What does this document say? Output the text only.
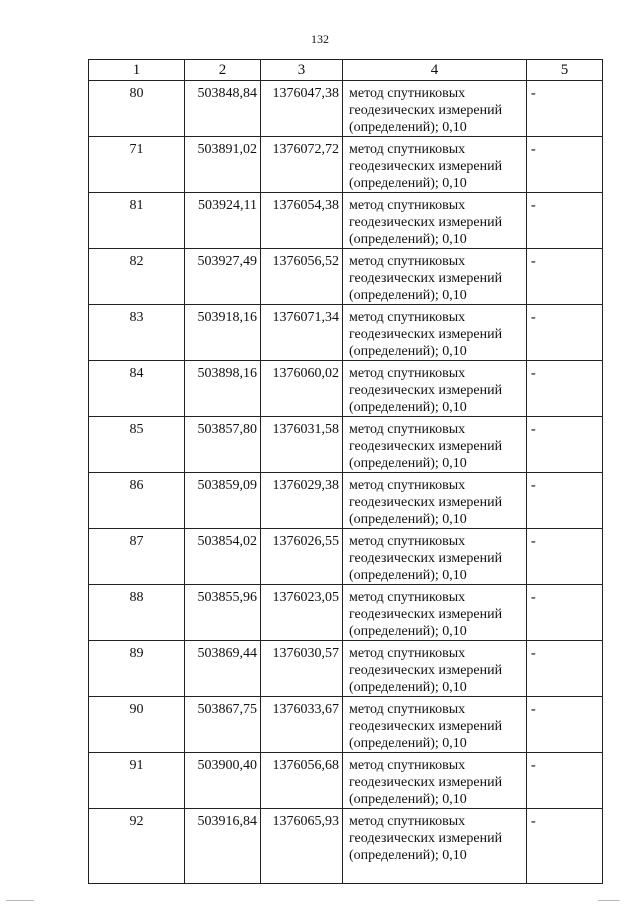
132
1	2	3	4	5
80	503848,84	1376047,38	метод спутниковых
геодезических измерений
(определений); 0,10	-
71	503891,02	1376072,72	метод спутниковых
геодезических измерений
(определений); 0,10	-
81	503924,11	1376054,38	метод спутниковых
геодезических измерений
(определений); 0,10	-
82	503927,49	1376056,52	метод спутниковых
геодезических измерений
(определений); 0,10	-
83	503918,16	1376071,34	метод спутниковых
геодезических измерений
(определений); 0,10	-
84	503898,16	1376060,02	метод спутниковых
геодезических измерений
(определений); 0,10	-
85	503857,80	1376031,58	метод спутниковых
геодезических измерений
(определений); 0,10	-
86	503859,09	1376029,38	метод спутниковых
геодезических измерений
(определений); 0,10	-
87	503854,02	1376026,55	метод спутниковых
геодезических измерений
(определений); 0,10	-
88	503855,96	1376023,05	метод спутниковых
геодезических измерений
(определений); 0,10	-
89	503869,44	1376030,57	метод спутниковых
геодезических измерений
(определений); 0,10	-
90	503867,75	1376033,67	метод спутниковых
геодезических измерений
(определений); 0,10	-
91	503900,40	1376056,68	метод спутниковых
геодезических измерений
(определений); 0,10	-
92	503916,84	1376065,93	метод спутниковых
геодезических измерений
(определений); 0,10	-
